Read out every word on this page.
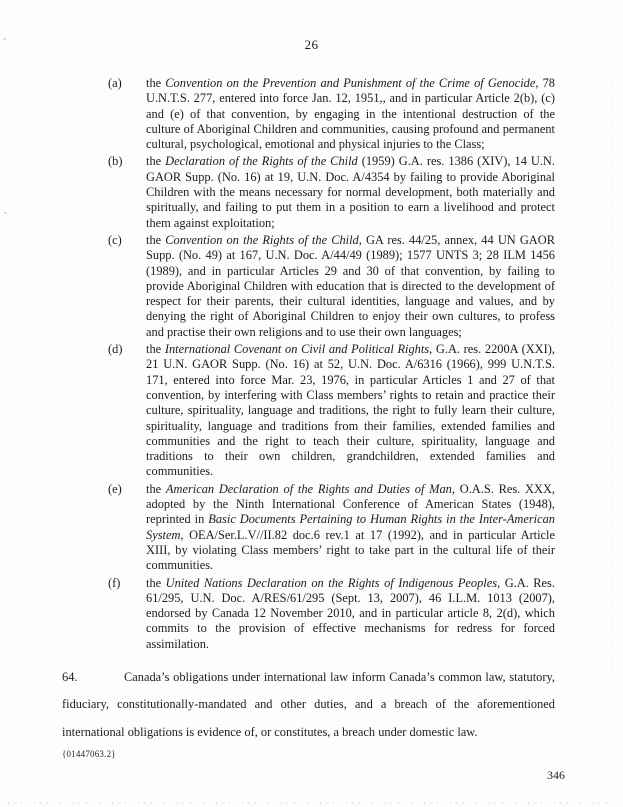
26
(a)	the Convention on the Prevention and Punishment of the Crime of Genocide, 78 U.N.T.S. 277, entered into force Jan. 12, 1951,, and in particular Article 2(b), (c) and (e) of that convention, by engaging in the intentional destruction of the culture of Aboriginal Children and communities, causing profound and permanent cultural, psychological, emotional and physical injuries to the Class;
(b)	the Declaration of the Rights of the Child (1959) G.A. res. 1386 (XIV), 14 U.N. GAOR Supp. (No. 16) at 19, U.N. Doc. A/4354 by failing to provide Aboriginal Children with the means necessary for normal development, both materially and spiritually, and failing to put them in a position to earn a livelihood and protect them against exploitation;
(c)	the Convention on the Rights of the Child, GA res. 44/25, annex, 44 UN GAOR Supp. (No. 49) at 167, U.N. Doc. A/44/49 (1989); 1577 UNTS 3; 28 ILM 1456 (1989), and in particular Articles 29 and 30 of that convention, by failing to provide Aboriginal Children with education that is directed to the development of respect for their parents, their cultural identities, language and values, and by denying the right of Aboriginal Children to enjoy their own cultures, to profess and practise their own religions and to use their own languages;
(d)	the International Covenant on Civil and Political Rights, G.A. res. 2200A (XXI), 21 U.N. GAOR Supp. (No. 16) at 52, U.N. Doc. A/6316 (1966), 999 U.N.T.S. 171, entered into force Mar. 23, 1976, in particular Articles 1 and 27 of that convention, by interfering with Class members’ rights to retain and practice their culture, spirituality, language and traditions, the right to fully learn their culture, spirituality, language and traditions from their families, extended families and communities and the right to teach their culture, spirituality, language and traditions to their own children, grandchildren, extended families and communities.
(e)	the American Declaration of the Rights and Duties of Man, O.A.S. Res. XXX, adopted by the Ninth International Conference of American States (1948), reprinted in Basic Documents Pertaining to Human Rights in the Inter-American System, OEA/Ser.L.V//II.82 doc.6 rev.1 at 17 (1992), and in particular Article XIII, by violating Class members’ right to take part in the cultural life of their communities.
(f)	the United Nations Declaration on the Rights of Indigenous Peoples, G.A. Res. 61/295, U.N. Doc. A/RES/61/295 (Sept. 13, 2007), 46 I.L.M. 1013 (2007), endorsed by Canada 12 November 2010, and in particular article 8, 2(d), which commits to the provision of effective mechanisms for redress for forced assimilation.

64.	Canada’s obligations under international law inform Canada’s common law, statutory, fiduciary, constitutionally-mandated and other duties, and a breach of the aforementioned international obligations is evidence of, or constitutes, a breach under domestic law.

{01447063.2}
346
